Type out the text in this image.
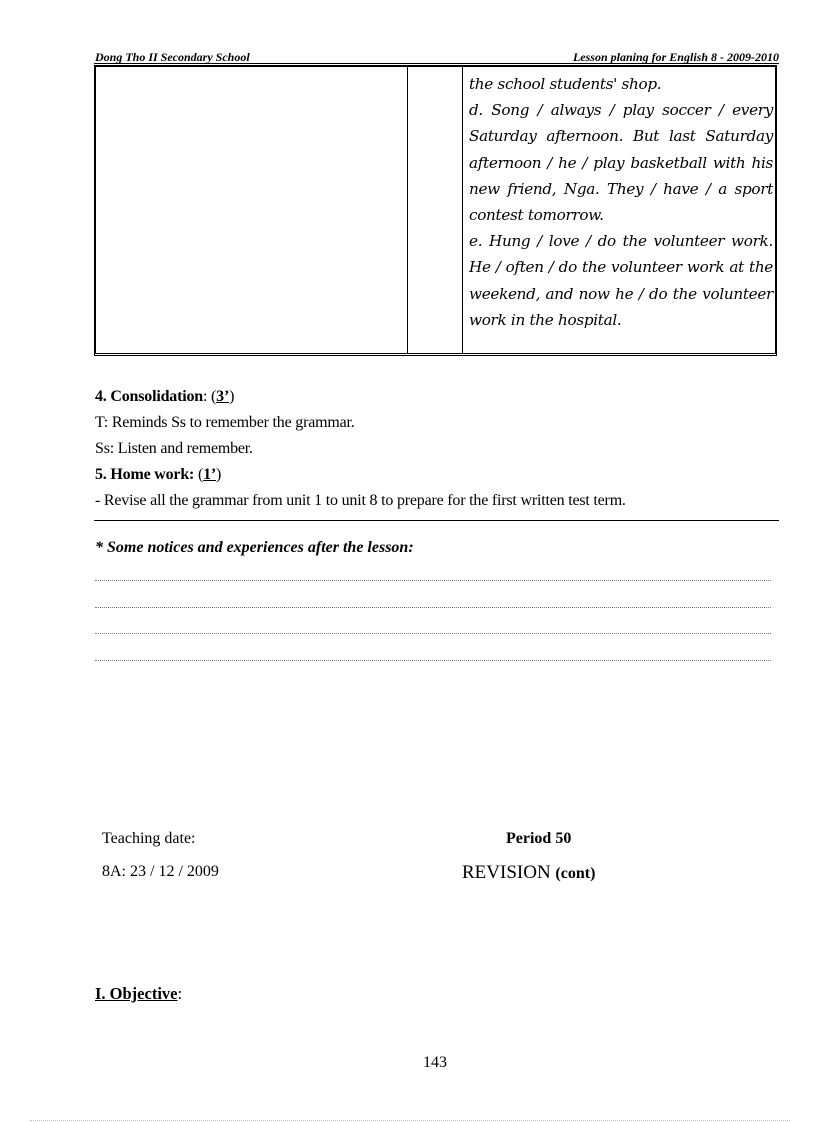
Dong Tho II Secondary School	Lesson planing for English 8 - 2009-2010
the school students' shop.
d. Song / always / play soccer / every
Saturday afternoon. But last Saturday
afternoon / he / play basketball with his
new friend, Nga. They / have / a sport
contest tomorrow.
e. Hung / love / do the volunteer work.
He / often / do the volunteer work at the
weekend, and now he / do the volunteer
work in the hospital.
4. Consolidation: (3’)
T: Reminds Ss to remember the grammar.
Ss: Listen and remember.
5. Home work: (1’)
- Revise all the grammar from unit 1 to unit 8 to prepare for the first written test term.
* Some notices and experiences after the lesson:
Teaching date:
8A: 23 / 12 / 2009
Period 50
REVISION (cont)
I. Objective:
143
